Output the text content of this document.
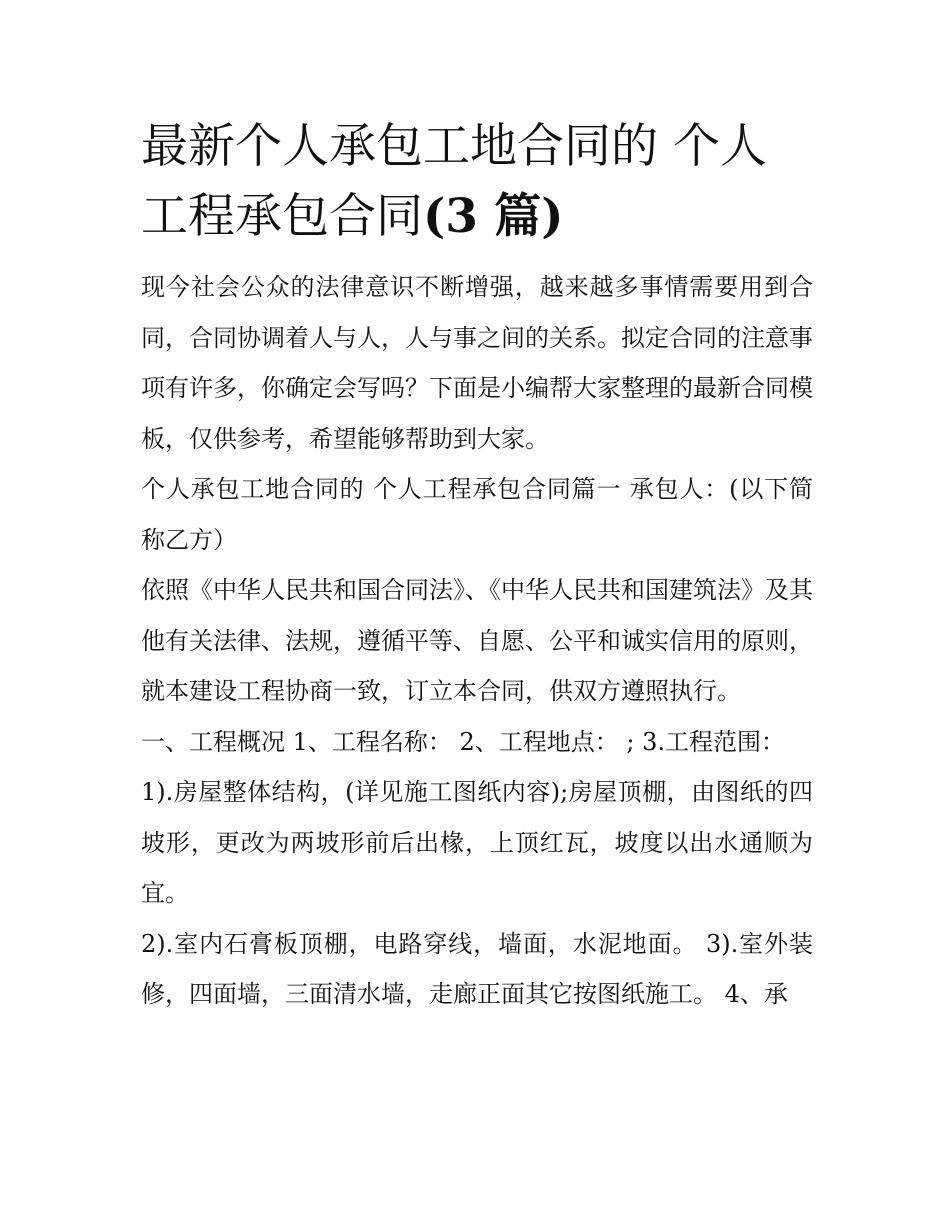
最新个人承包工地合同的 个人
工程承包合同(3 篇)

现今社会公众的法律意识不断增强，越来越多事情需要用到合同，合同协调着人与人，人与事之间的关系。拟定合同的注意事项有许多，你确定会写吗？下面是小编帮大家整理的最新合同模板，仅供参考，希望能够帮助到大家。

个人承包工地合同的 个人工程承包合同篇一 承包人：(以下简称乙方）

依照《中华人民共和国合同法》、《中华人民共和国建筑法》及其他有关法律、法规，遵循平等、自愿、公平和诚实信用的原则，就本建设工程协商一致，订立本合同，供双方遵照执行。

一、工程概况 1、工程名称： 2、工程地点： ; 3.工程范围：

1).房屋整体结构，(详见施工图纸内容);房屋顶棚，由图纸的四坡形，更改为两坡形前后出椽，上顶红瓦，坡度以出水通顺为宜。

2).室内石膏板顶棚，电路穿线，墙面，水泥地面。 3).室外装修，四面墙，三面清水墙，走廊正面其它按图纸施工。 4、承
